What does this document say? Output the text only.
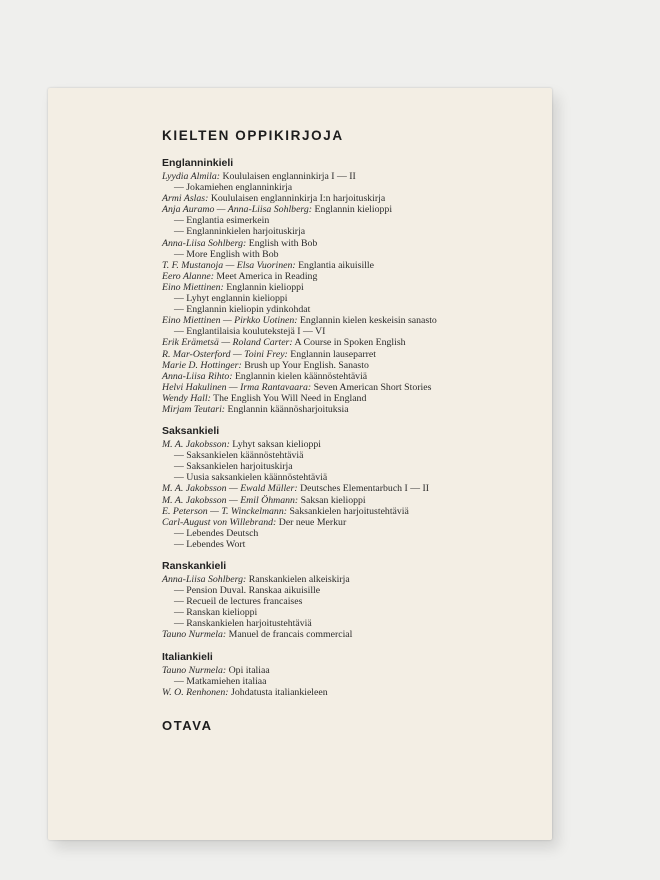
KIELTEN OPPIKIRJOJA
Englanninkieli
Lyydia Almila: Koululaisen englanninkirja I — II
— Jokamiehen englanninkirja
Armi Aslas: Koululaisen englanninkirja I:n harjoituskirja
Anja Auramo — Anna-Liisa Sohlberg: Englannin kielioppi
— Englantia esimerkein
— Englanninkielen harjoituskirja
Anna-Liisa Sohlberg: English with Bob
— More English with Bob
T. F. Mustanoja — Elsa Vuorinen: Englantia aikuisille
Eero Alanne: Meet America in Reading
Eino Miettinen: Englannin kielioppi
— Lyhyt englannin kielioppi
— Englannin kieliopin ydinkohdat
Eino Miettinen — Pirkko Uotinen: Englannin kielen keskeisin sanasto
— Englantilaisia koulutekstejä I — VI
Erik Erämetsä — Roland Carter: A Course in Spoken English
R. Mar-Osterford — Toini Frey: Englannin lauseparret
Marie D. Hottinger: Brush up Your English. Sanasto
Anna-Liisa Rihto: Englannin kielen käännöstehtäviä
Helvi Hakulinen — Irma Rantavaara: Seven American Short Stories
Wendy Hall: The English You Will Need in England
Mirjam Teutari: Englannin käännösharjoituksia
Saksankieli
M. A. Jakobsson: Lyhyt saksan kielioppi
— Saksankielen käännöstehtäviä
— Saksankielen harjoituskirja
— Uusia saksankielen käännöstehtäviä
M. A. Jakobsson — Ewald Müller: Deutsches Elementarbuch I — II
M. A. Jakobsson — Emil Öhmann: Saksan kielioppi
E. Peterson — T. Winckelmann: Saksankielen harjoitustehtäviä
Carl-August von Willebrand: Der neue Merkur
— Lebendes Deutsch
— Lebendes Wort
Ranskankieli
Anna-Liisa Sohlberg: Ranskankielen alkeiskirja
— Pension Duval. Ranskaa aikuisille
— Recueil de lectures francaises
— Ranskan kielioppi
— Ranskankielen harjoitustehtäviä
Tauno Nurmela: Manuel de francais commercial
Italiankieli
Tauno Nurmela: Opi italiaa
— Matkamiehen italiaa
W. O. Renhonen: Johdatusta italiankieleen
OTAVA
